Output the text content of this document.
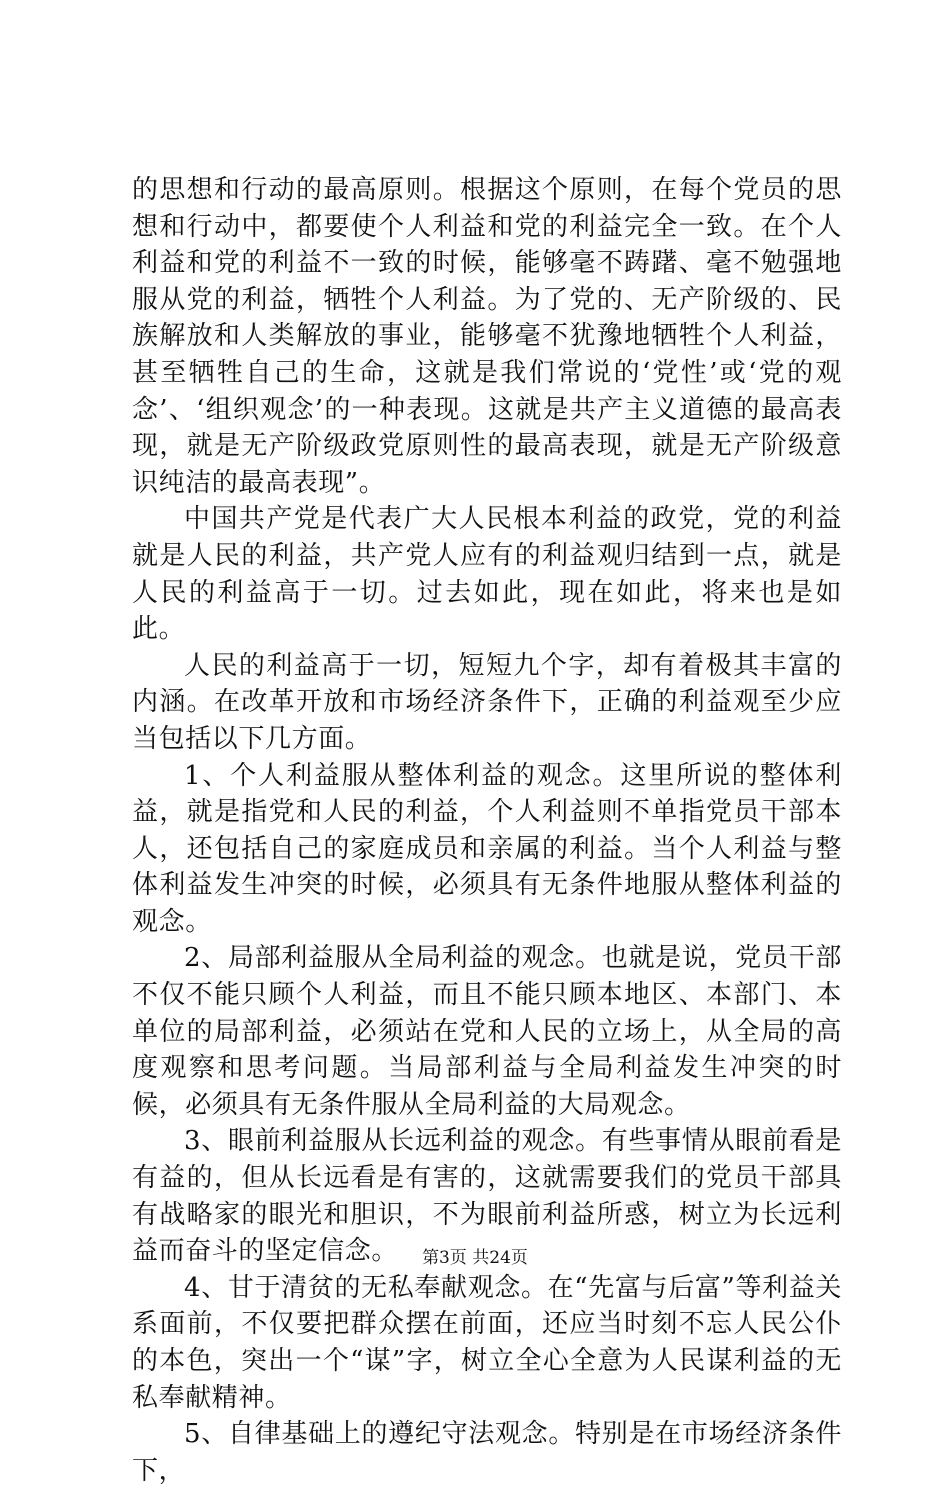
的思想和行动的最高原则。根据这个原则，在每个党员的思想和行动中，都要使个人利益和党的利益完全一致。在个人利益和党的利益不一致的时候，能够毫不踌躇、毫不勉强地服从党的利益，牺牲个人利益。为了党的、无产阶级的、民族解放和人类解放的事业，能够毫不犹豫地牺牲个人利益，甚至牺牲自己的生命，这就是我们常说的‘党性’或‘党的观念’、‘组织观念’的一种表现。这就是共产主义道德的最高表现，就是无产阶级政党原则性的最高表现，就是无产阶级意识纯洁的最高表现”。

中国共产党是代表广大人民根本利益的政党，党的利益就是人民的利益，共产党人应有的利益观归结到一点，就是人民的利益高于一切。过去如此，现在如此，将来也是如此。

人民的利益高于一切，短短九个字，却有着极其丰富的内涵。在改革开放和市场经济条件下，正确的利益观至少应当包括以下几方面。

1、个人利益服从整体利益的观念。这里所说的整体利益，就是指党和人民的利益，个人利益则不单指党员干部本人，还包括自己的家庭成员和亲属的利益。当个人利益与整体利益发生冲突的时候，必须具有无条件地服从整体利益的观念。

2、局部利益服从全局利益的观念。也就是说，党员干部不仅不能只顾个人利益，而且不能只顾本地区、本部门、本单位的局部利益，必须站在党和人民的立场上，从全局的高度观察和思考问题。当局部利益与全局利益发生冲突的时候，必须具有无条件服从全局利益的大局观念。

3、眼前利益服从长远利益的观念。有些事情从眼前看是有益的，但从长远看是有害的，这就需要我们的党员干部具有战略家的眼光和胆识，不为眼前利益所惑，树立为长远利益而奋斗的坚定信念。

4、甘于清贫的无私奉献观念。在“先富与后富”等利益关系面前，不仅要把群众摆在前面，还应当时刻不忘人民公仆的本色，突出一个“谋”字，树立全心全意为人民谋利益的无私奉献精神。

5、自律基础上的遵纪守法观念。特别是在市场经济条件下，

第3页 共24页
